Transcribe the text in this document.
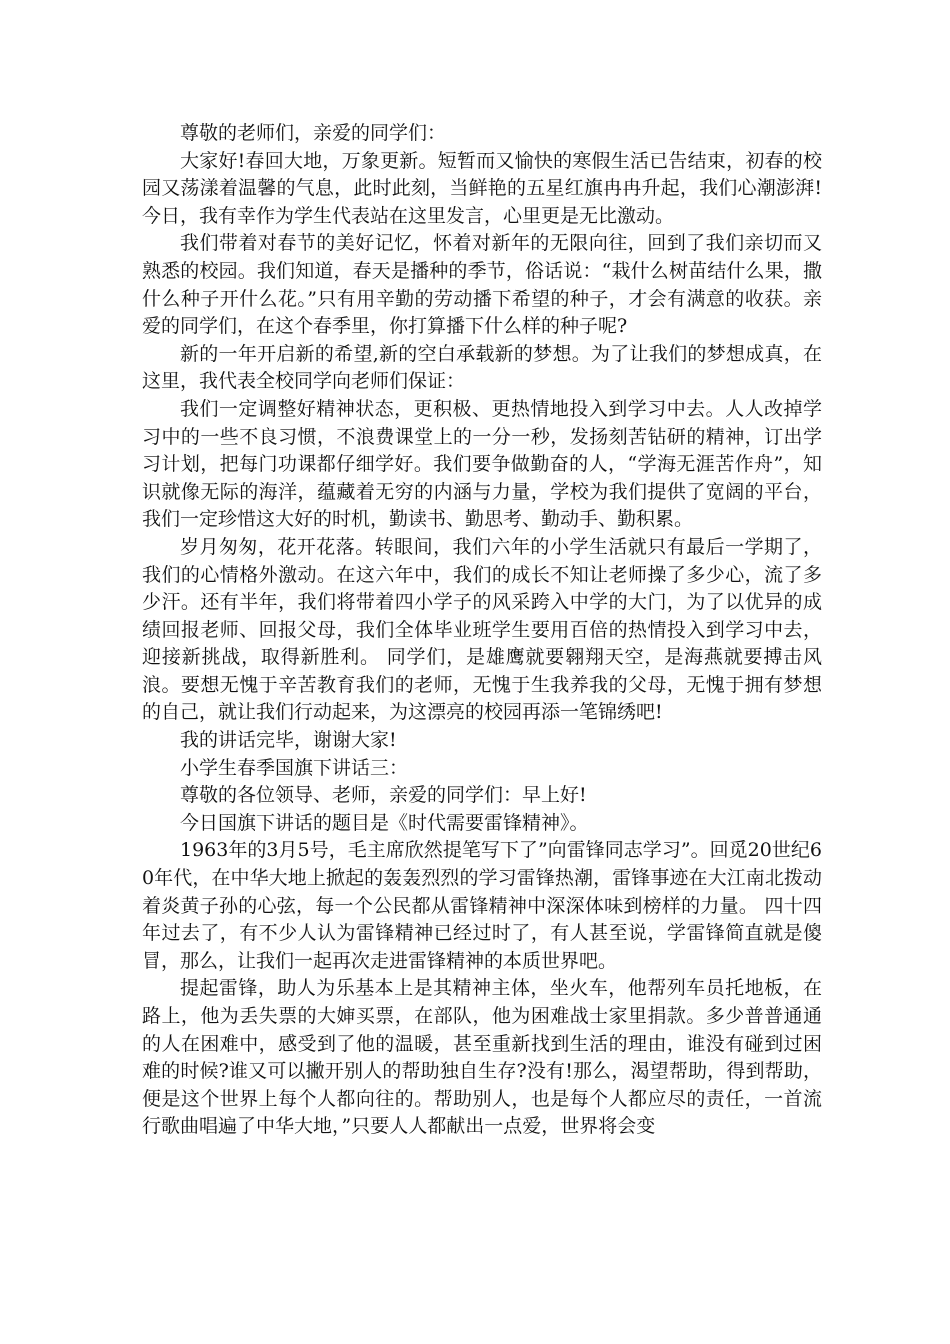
尊敬的老师们，亲爱的同学们：

大家好!春回大地，万象更新。短暂而又愉快的寒假生活已告结束，初春的校园又荡漾着温馨的气息，此时此刻，当鲜艳的五星红旗冉冉升起，我们心潮澎湃!今日，我有幸作为学生代表站在这里发言，心里更是无比激动。

我们带着对春节的美好记忆，怀着对新年的无限向往，回到了我们亲切而又熟悉的校园。我们知道，春天是播种的季节，俗话说：“栽什么树苗结什么果，撒什么种子开什么花。”只有用辛勤的劳动播下希望的种子，才会有满意的收获。亲爱的同学们，在这个春季里，你打算播下什么样的种子呢?

新的一年开启新的希望,新的空白承载新的梦想。为了让我们的梦想成真，在这里，我代表全校同学向老师们保证：

我们一定调整好精神状态，更积极、更热情地投入到学习中去。人人改掉学习中的一些不良习惯，不浪费课堂上的一分一秒，发扬刻苦钻研的精神，订出学习计划，把每门功课都仔细学好。我们要争做勤奋的人，“学海无涯苦作舟”，知识就像无际的海洋，蕴藏着无穷的内涵与力量，学校为我们提供了宽阔的平台，我们一定珍惜这大好的时机，勤读书、勤思考、勤动手、勤积累。

岁月匆匆，花开花落。转眼间，我们六年的小学生活就只有最后一学期了，我们的心情格外激动。在这六年中，我们的成长不知让老师操了多少心，流了多少汗。还有半年，我们将带着四小学子的风采跨入中学的大门，为了以优异的成绩回报老师、回报父母，我们全体毕业班学生要用百倍的热情投入到学习中去，迎接新挑战，取得新胜利。 同学们，是雄鹰就要翱翔天空，是海燕就要搏击风浪。要想无愧于辛苦教育我们的老师，无愧于生我养我的父母，无愧于拥有梦想的自己，就让我们行动起来，为这漂亮的校园再添一笔锦绣吧!

我的讲话完毕，谢谢大家!

小学生春季国旗下讲话三：

尊敬的各位领导、老师，亲爱的同学们：早上好!

今日国旗下讲话的题目是《时代需要雷锋精神》。

1963年的3月5号，毛主席欣然提笔写下了”向雷锋同志学习”。回觅20世纪60年代，在中华大地上掀起的轰轰烈烈的学习雷锋热潮，雷锋事迹在大江南北拨动着炎黄子孙的心弦，每一个公民都从雷锋精神中深深体味到榜样的力量。 四十四年过去了，有不少人认为雷锋精神已经过时了，有人甚至说，学雷锋简直就是傻冒，那么，让我们一起再次走进雷锋精神的本质世界吧。

提起雷锋，助人为乐基本上是其精神主体，坐火车，他帮列车员托地板，在路上，他为丢失票的大婶买票，在部队，他为困难战士家里捐款。多少普普通通的人在困难中，感受到了他的温暖，甚至重新找到生活的理由，谁没有碰到过困难的时候?谁又可以撇开别人的帮助独自生存?没有!那么，渴望帮助，得到帮助，便是这个世界上每个人都向往的。帮助别人，也是每个人都应尽的责任，一首流行歌曲唱遍了中华大地，”只要人人都献出一点爱，世界将会变
